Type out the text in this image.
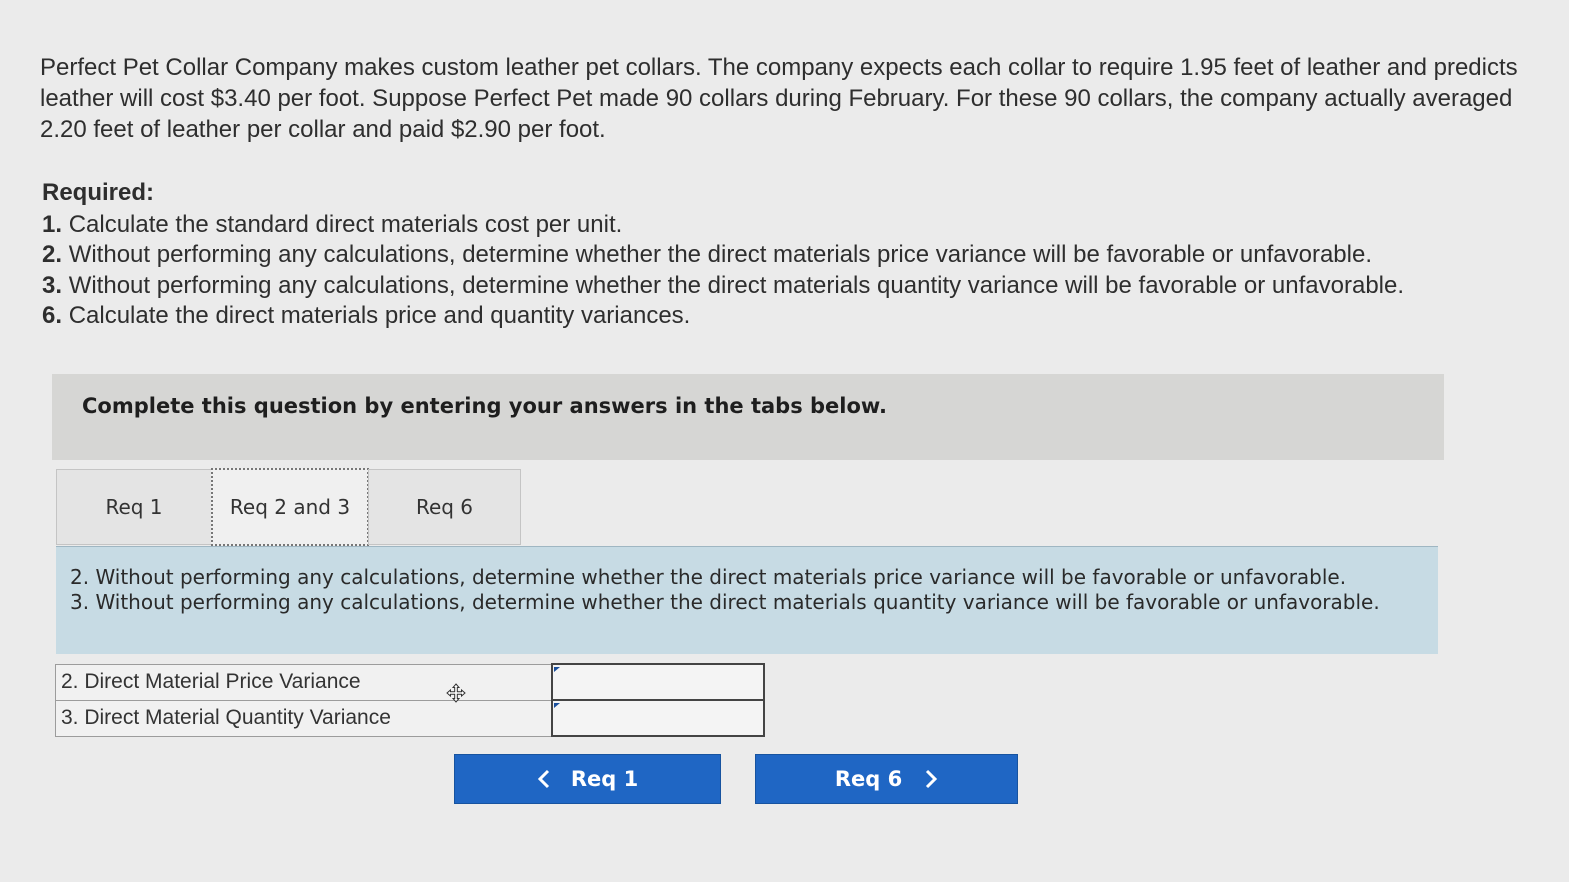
Perfect Pet Collar Company makes custom leather pet collars. The company expects each collar to require 1.95 feet of leather and predicts leather will cost $3.40 per foot. Suppose Perfect Pet made 90 collars during February. For these 90 collars, the company actually averaged 2.20 feet of leather per collar and paid $2.90 per foot.
Required:
1. Calculate the standard direct materials cost per unit.
2. Without performing any calculations, determine whether the direct materials price variance will be favorable or unfavorable.
3. Without performing any calculations, determine whether the direct materials quantity variance will be favorable or unfavorable.
6. Calculate the direct materials price and quantity variances.
Complete this question by entering your answers in the tabs below.
Req 1	Req 2 and 3	Req 6
2. Without performing any calculations, determine whether the direct materials price variance will be favorable or unfavorable.
3. Without performing any calculations, determine whether the direct materials quantity variance will be favorable or unfavorable.
2. Direct Material Price Variance	

3. Direct Material Quantity Variance	
Req 1	Req 6
